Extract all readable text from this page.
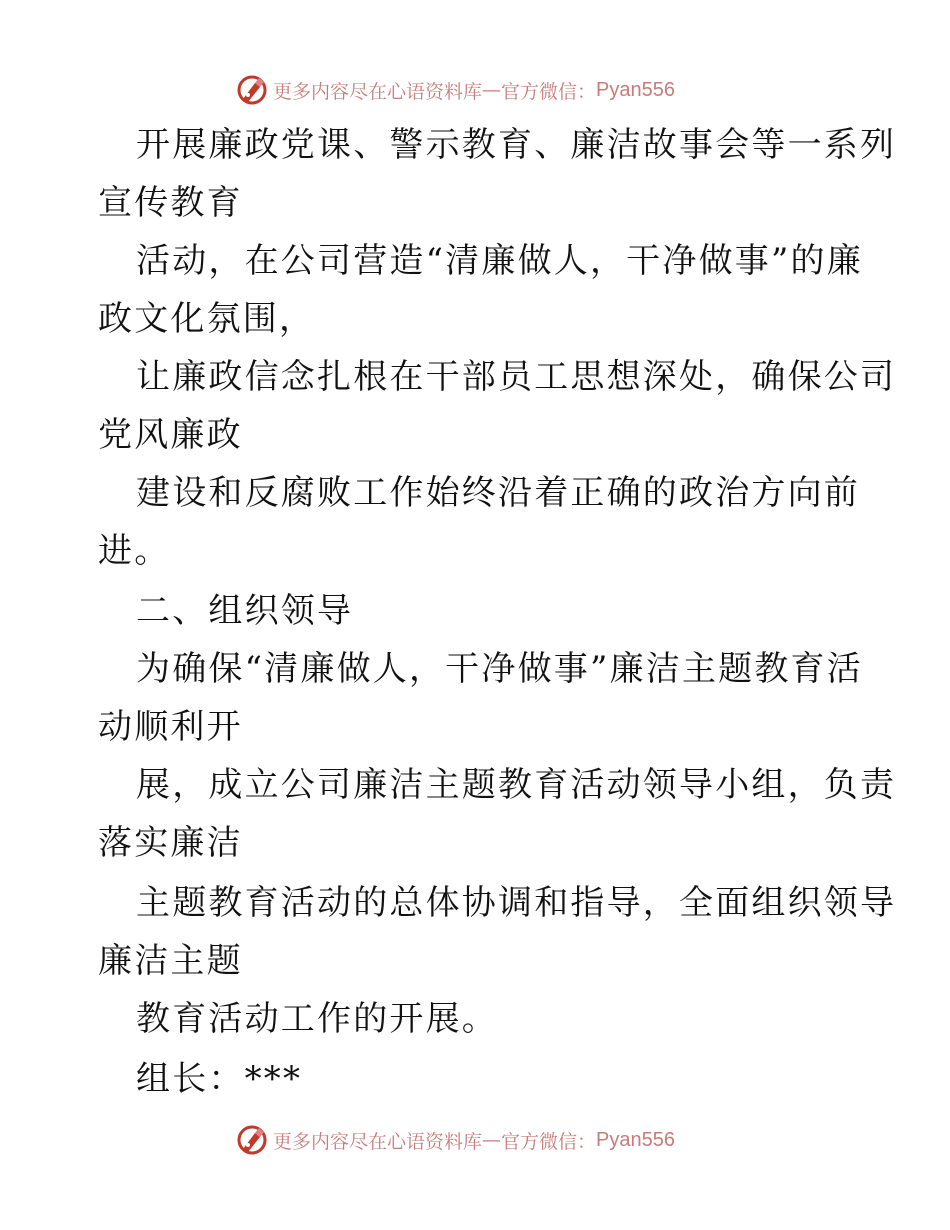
更多内容尽在心语资料库 — 官方微信： Pyan556
开展廉政党课、警示教育、廉洁故事会等一系列
宣传教育
活动，在公司营造“清廉做人，干净做事”的廉
政文化氛围，
让廉政信念扎根在干部员工思想深处，确保公司
党风廉政
建设和反腐败工作始终沿着正确的政治方向前
进。
二、组织领导
为确保“清廉做人，干净做事”廉洁主题教育活
动顺利开
展，成立公司廉洁主题教育活动领导小组，负责
落实廉洁
主题教育活动的总体协调和指导，全面组织领导
廉洁主题
教育活动工作的开展。
组长：***
更多内容尽在心语资料库 — 官方微信： Pyan556
